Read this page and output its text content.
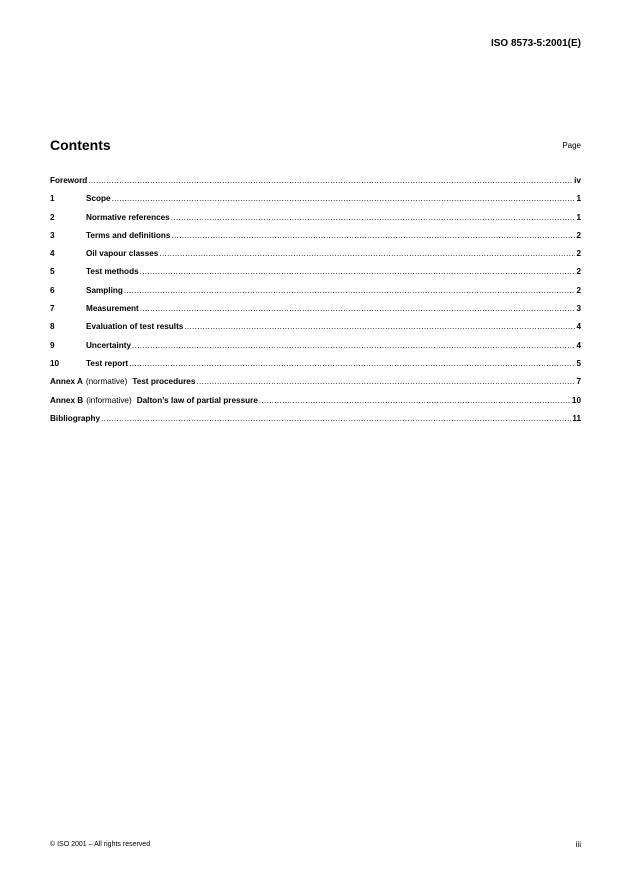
ISO 8573-5:2001(E)
Contents	Page
Foreword .....	iv
1	Scope .....	1
2	Normative references .....	1
3	Terms and definitions .....	2
4	Oil vapour classes .....	2
5	Test methods .....	2
6	Sampling .....	2
7	Measurement .....	3
8	Evaluation of test results .....	4
9	Uncertainty .....	4
10	Test report .....	5
Annex A (normative) Test procedures .....	7
Annex B (informative) Dalton’s law of partial pressure .....	10
Bibliography .....	11
© ISO 2001 – All rights reserved	iii
